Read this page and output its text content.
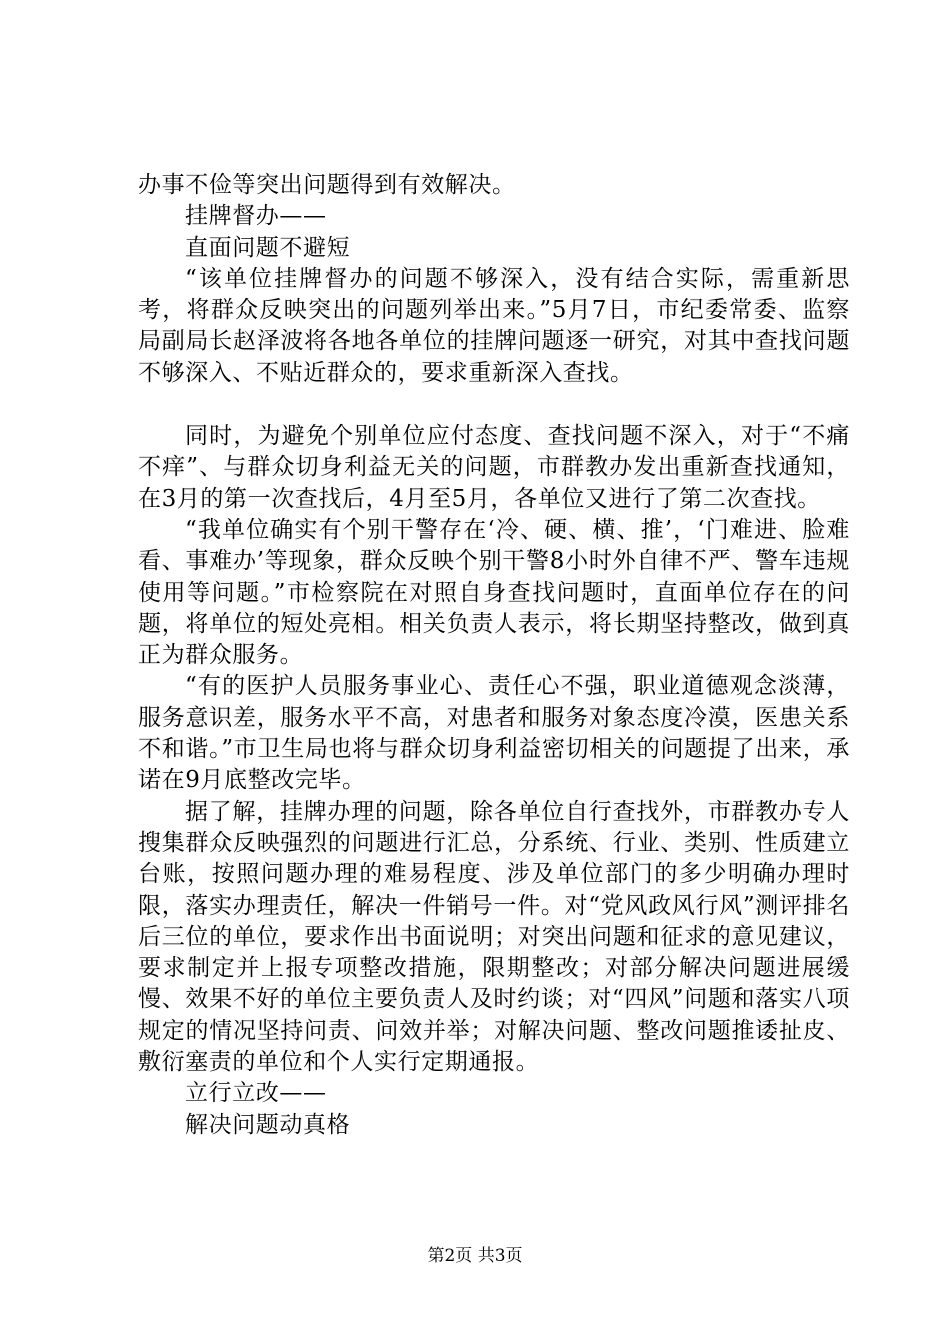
办事不俭等突出问题得到有效解决。

挂牌督办——

直面问题不避短

“该单位挂牌督办的问题不够深入，没有结合实际，需重新思考，将群众反映突出的问题列举出来。”5月7日，市纪委常委、监察局副局长赵泽波将各地各单位的挂牌问题逐一研究，对其中查找问题不够深入、不贴近群众的，要求重新深入查找。

同时，为避免个别单位应付态度、查找问题不深入，对于“不痛不痒”、与群众切身利益无关的问题，市群教办发出重新查找通知，在3月的第一次查找后，4月至5月，各单位又进行了第二次查找。

“我单位确实有个别干警存在‘冷、硬、横、推’，‘门难进、脸难看、事难办’等现象，群众反映个别干警8小时外自律不严、警车违规使用等问题。”市检察院在对照自身查找问题时，直面单位存在的问题，将单位的短处亮相。相关负责人表示，将长期坚持整改，做到真正为群众服务。

“有的医护人员服务事业心、责任心不强，职业道德观念淡薄，服务意识差，服务水平不高，对患者和服务对象态度冷漠，医患关系不和谐。”市卫生局也将与群众切身利益密切相关的问题提了出来，承诺在9月底整改完毕。

据了解，挂牌办理的问题，除各单位自行查找外，市群教办专人搜集群众反映强烈的问题进行汇总，分系统、行业、类别、性质建立台账，按照问题办理的难易程度、涉及单位部门的多少明确办理时限，落实办理责任，解决一件销号一件。对“党风政风行风”测评排名后三位的单位，要求作出书面说明；对突出问题和征求的意见建议，要求制定并上报专项整改措施，限期整改；对部分解决问题进展缓慢、效果不好的单位主要负责人及时约谈；对“四风”问题和落实八项规定的情况坚持问责、问效并举；对解决问题、整改问题推诿扯皮、敷衍塞责的单位和个人实行定期通报。

立行立改——

解决问题动真格

第2页 共3页
